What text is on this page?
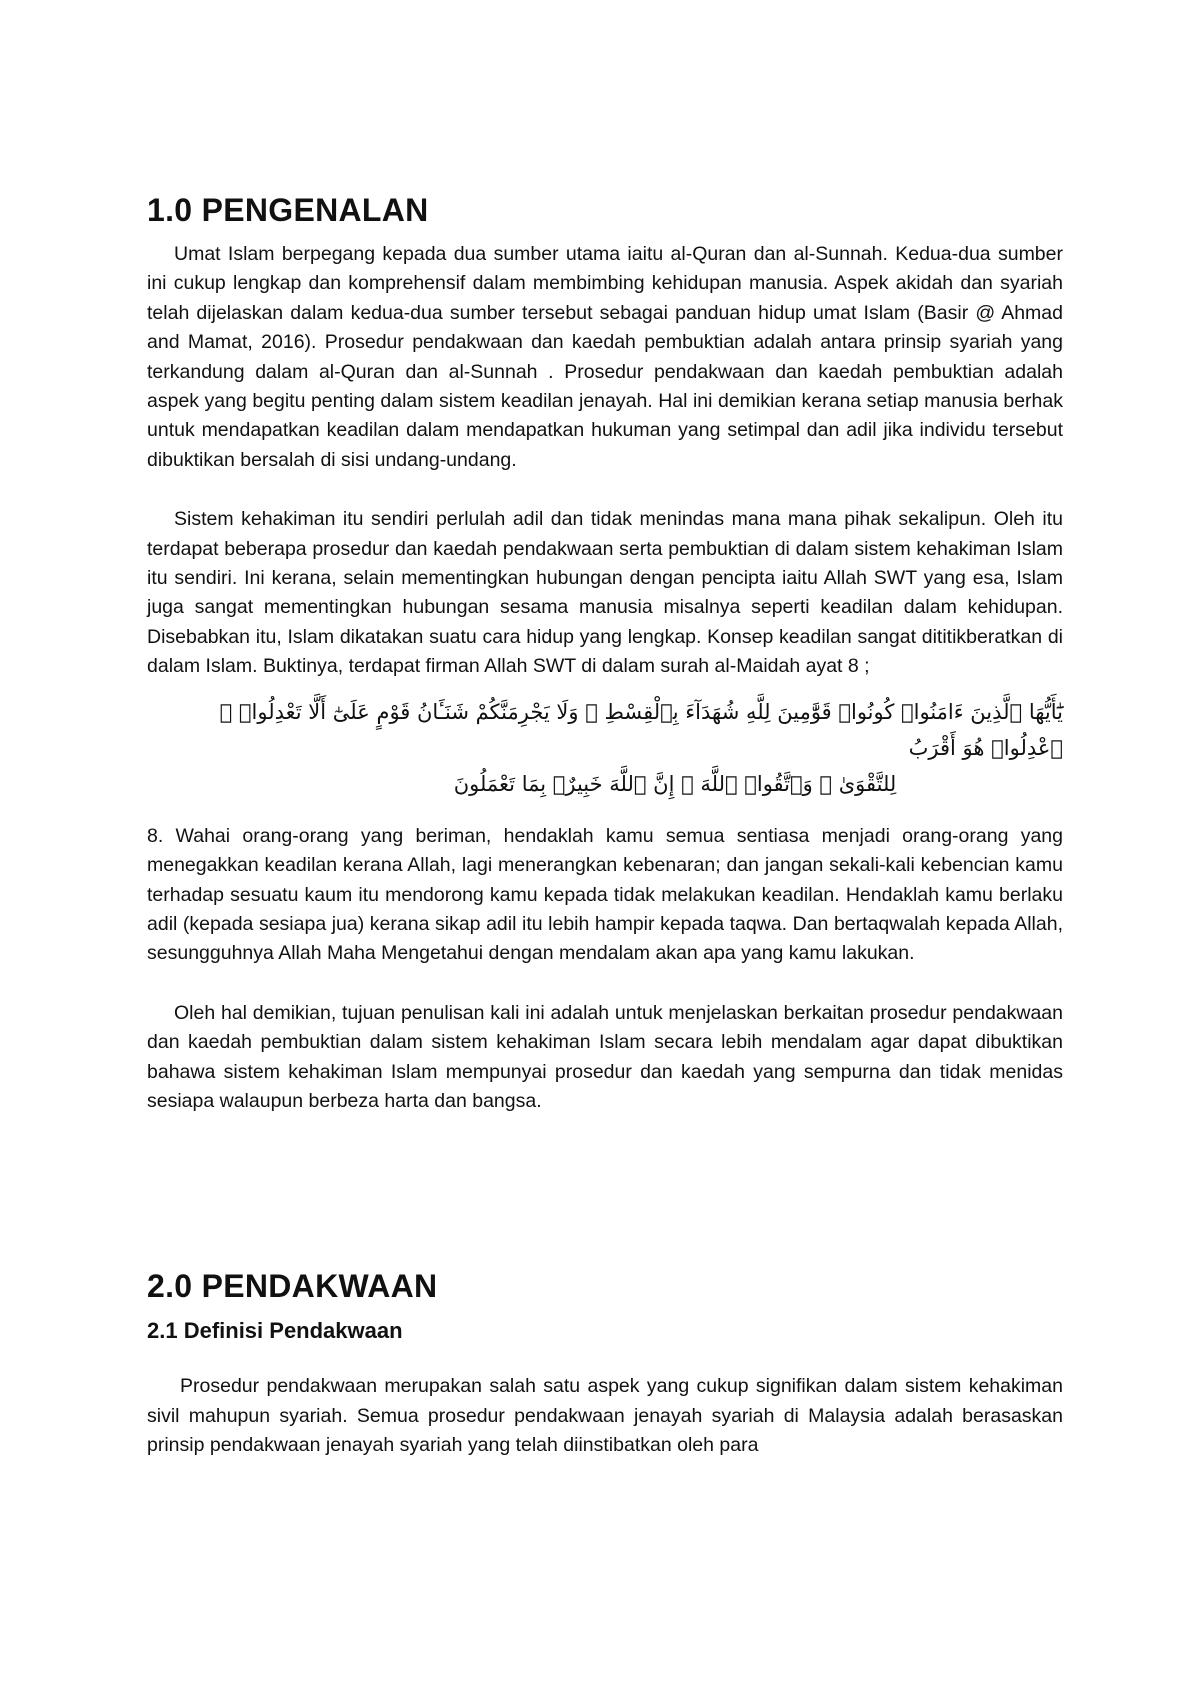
1.0 PENGENALAN

Umat Islam berpegang kepada dua sumber utama iaitu al-Quran dan al-Sunnah. Kedua-dua sumber ini cukup lengkap dan komprehensif dalam membimbing kehidupan manusia. Aspek akidah dan syariah telah dijelaskan dalam kedua-dua sumber tersebut sebagai panduan hidup umat Islam (Basir @ Ahmad and Mamat, 2016). Prosedur pendakwaan dan kaedah pembuktian adalah antara prinsip syariah yang terkandung dalam al-Quran dan al-Sunnah . Prosedur pendakwaan dan kaedah pembuktian adalah aspek yang begitu penting dalam sistem keadilan jenayah. Hal ini demikian kerana setiap manusia berhak untuk mendapatkan keadilan dalam mendapatkan hukuman yang setimpal dan adil jika individu tersebut dibuktikan bersalah di sisi undang-undang.

Sistem kehakiman itu sendiri perlulah adil dan tidak menindas mana mana pihak sekalipun. Oleh itu terdapat beberapa prosedur dan kaedah pendakwaan serta pembuktian di dalam sistem kehakiman Islam itu sendiri. Ini kerana, selain mementingkan hubungan dengan pencipta iaitu Allah SWT yang esa, Islam juga sangat mementingkan hubungan sesama manusia misalnya seperti keadilan dalam kehidupan. Disebabkan itu, Islam dikatakan suatu cara hidup yang lengkap. Konsep keadilan sangat dititikberatkan di dalam Islam. Buktinya, terdapat firman Allah SWT di dalam surah al-Maidah ayat 8 ;

يَٰٓأَيُّهَا ٱلَّذِينَ ءَامَنُوا۟ كُونُوا۟ قَوَّٰمِينَ لِلَّهِ شُهَدَآءَ بِٱلْقِسْطِ ۖ وَلَا يَجْرِمَنَّكُمْ شَنَـَٔانُ قَوْمٍ عَلَىٰٓ أَلَّا تَعْدِلُوا۟ ۚ ٱعْدِلُوا۟ هُوَ أَقْرَبُ
لِلتَّقْوَىٰ ۖ وَٱتَّقُوا۟ ٱللَّهَ ۚ إِنَّ ٱللَّهَ خَبِيرٌۢ بِمَا تَعْمَلُونَ

8. Wahai orang-orang yang beriman, hendaklah kamu semua sentiasa menjadi orang-orang yang menegakkan keadilan kerana Allah, lagi menerangkan kebenaran; dan jangan sekali-kali kebencian kamu terhadap sesuatu kaum itu mendorong kamu kepada tidak melakukan keadilan. Hendaklah kamu berlaku adil (kepada sesiapa jua) kerana sikap adil itu lebih hampir kepada taqwa. Dan bertaqwalah kepada Allah, sesungguhnya Allah Maha Mengetahui dengan mendalam akan apa yang kamu lakukan.

Oleh hal demikian, tujuan penulisan kali ini adalah untuk menjelaskan berkaitan prosedur pendakwaan dan kaedah pembuktian dalam sistem kehakiman Islam secara lebih mendalam agar dapat dibuktikan bahawa sistem kehakiman Islam mempunyai prosedur dan kaedah yang sempurna dan tidak menidas sesiapa walaupun berbeza harta dan bangsa.

2.0 PENDAKWAAN
2.1 Definisi Pendakwaan

Prosedur pendakwaan merupakan salah satu aspek yang cukup signifikan dalam sistem kehakiman sivil mahupun syariah. Semua prosedur pendakwaan jenayah syariah di Malaysia adalah berasaskan prinsip pendakwaan jenayah syariah yang telah diinstibatkan oleh para
